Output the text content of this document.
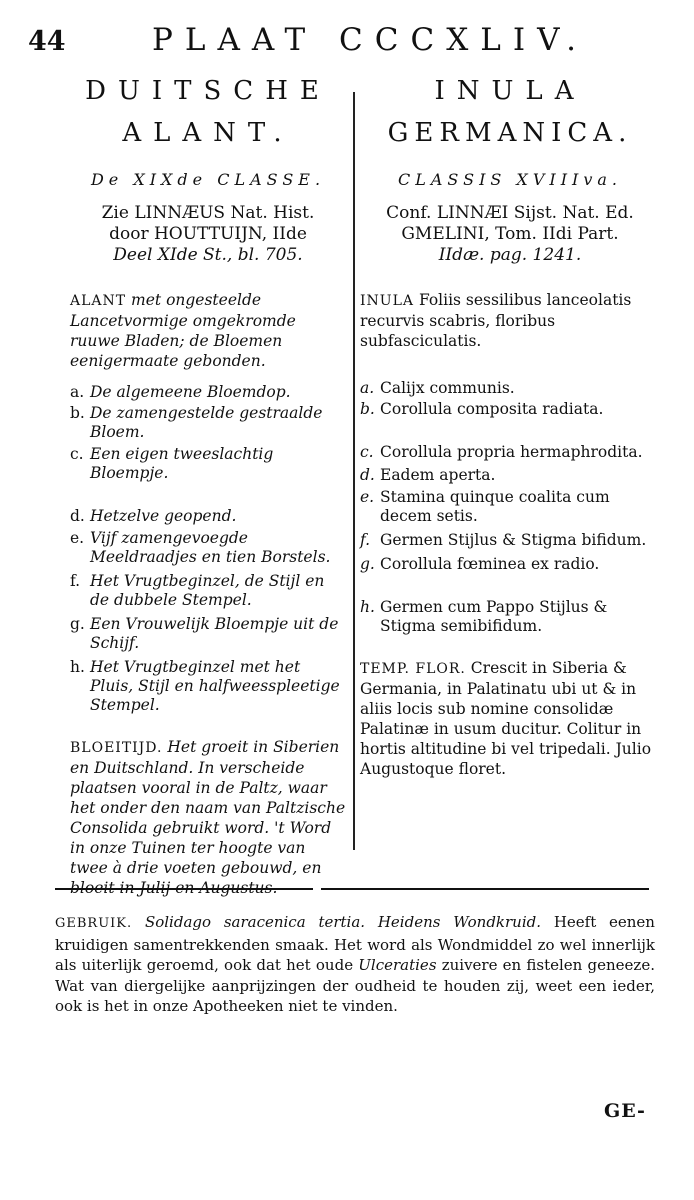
44	PLAAT CCCXLIV.

DUITSCHE

ALANT.

De XIXde CLASSE.
Zie LINNÆUS Nat. Hist.
door HOUTTUIJN, IIde
Deel XIde St., bl. 705.
ALANT met ongesteelde Lancetvormige omgekromde ruuwe Bladen; de Bloemen eenigermaate gebonden.
a. De algemeene Bloemdop.
b. De zamengestelde gestraalde Bloem.
c. Een eigen tweeslachtig Bloempje.
d. Hetzelve geopend.
e. Vijf zamengevoegde Meeldraadjes en tien Borstels.
f. Het Vrugtbeginzel, de Stijl en de dubbele Stempel.
g. Een Vrouwelijk Bloempje uit de Schijf.
h. Het Vrugtbeginzel met het Pluis, Stijl en halfweesspleetige Stempel.
BLOEITIJD. Het groeit in Siberien en Duitschland. In verscheide plaatsen vooral in de Paltz, waar het onder den naam van Paltzische Consolida gebruikt word. 't Word in onze Tuinen ter hoogte van twee à drie voeten gebouwd, en bloeit in Julij en Augustus.

INULA

GERMANICA.

CLASSIS XVIIIva.
Conf. LINNÆI Sijst. Nat. Ed.
GMELINI, Tom. IIdi Part.
IIdæ. pag. 1241.
INULA Foliis sessilibus lanceolatis recurvis scabris, floribus subfasciculatis.
a. Calijx communis.
b. Corollula composita radiata.
c. Corollula propria hermaphrodita.
d. Eadem aperta.
e. Stamina quinque coalita cum decem setis.
f. Germen Stijlus & Stigma bifidum.
g. Corollula fœminea ex radio.
h. Germen cum Pappo Stijlus & Stigma semibifidum.
TEMP. FLOR. Crescit in Siberia & Germania, in Palatinatu ubi ut & in aliis locis sub nomine consolidæ Palatinæ in usum ducitur. Colitur in hortis altitudine bi vel tripedali. Julio Augustoque floret.
GEBRUIK. Solidago saracenica tertia. Heidens Wondkruid. Heeft eenen kruidigen samentrekkenden smaak. Het word als Wondmiddel zo wel innerlijk als uiterlijk geroemd, ook dat het oude Ulceraties zuivere en fistelen geneeze. Wat van diergelijke aanprijzingen der oudheid te houden zij, weet een ieder, ook is het in onze Apotheeken niet te vinden.
GE-
